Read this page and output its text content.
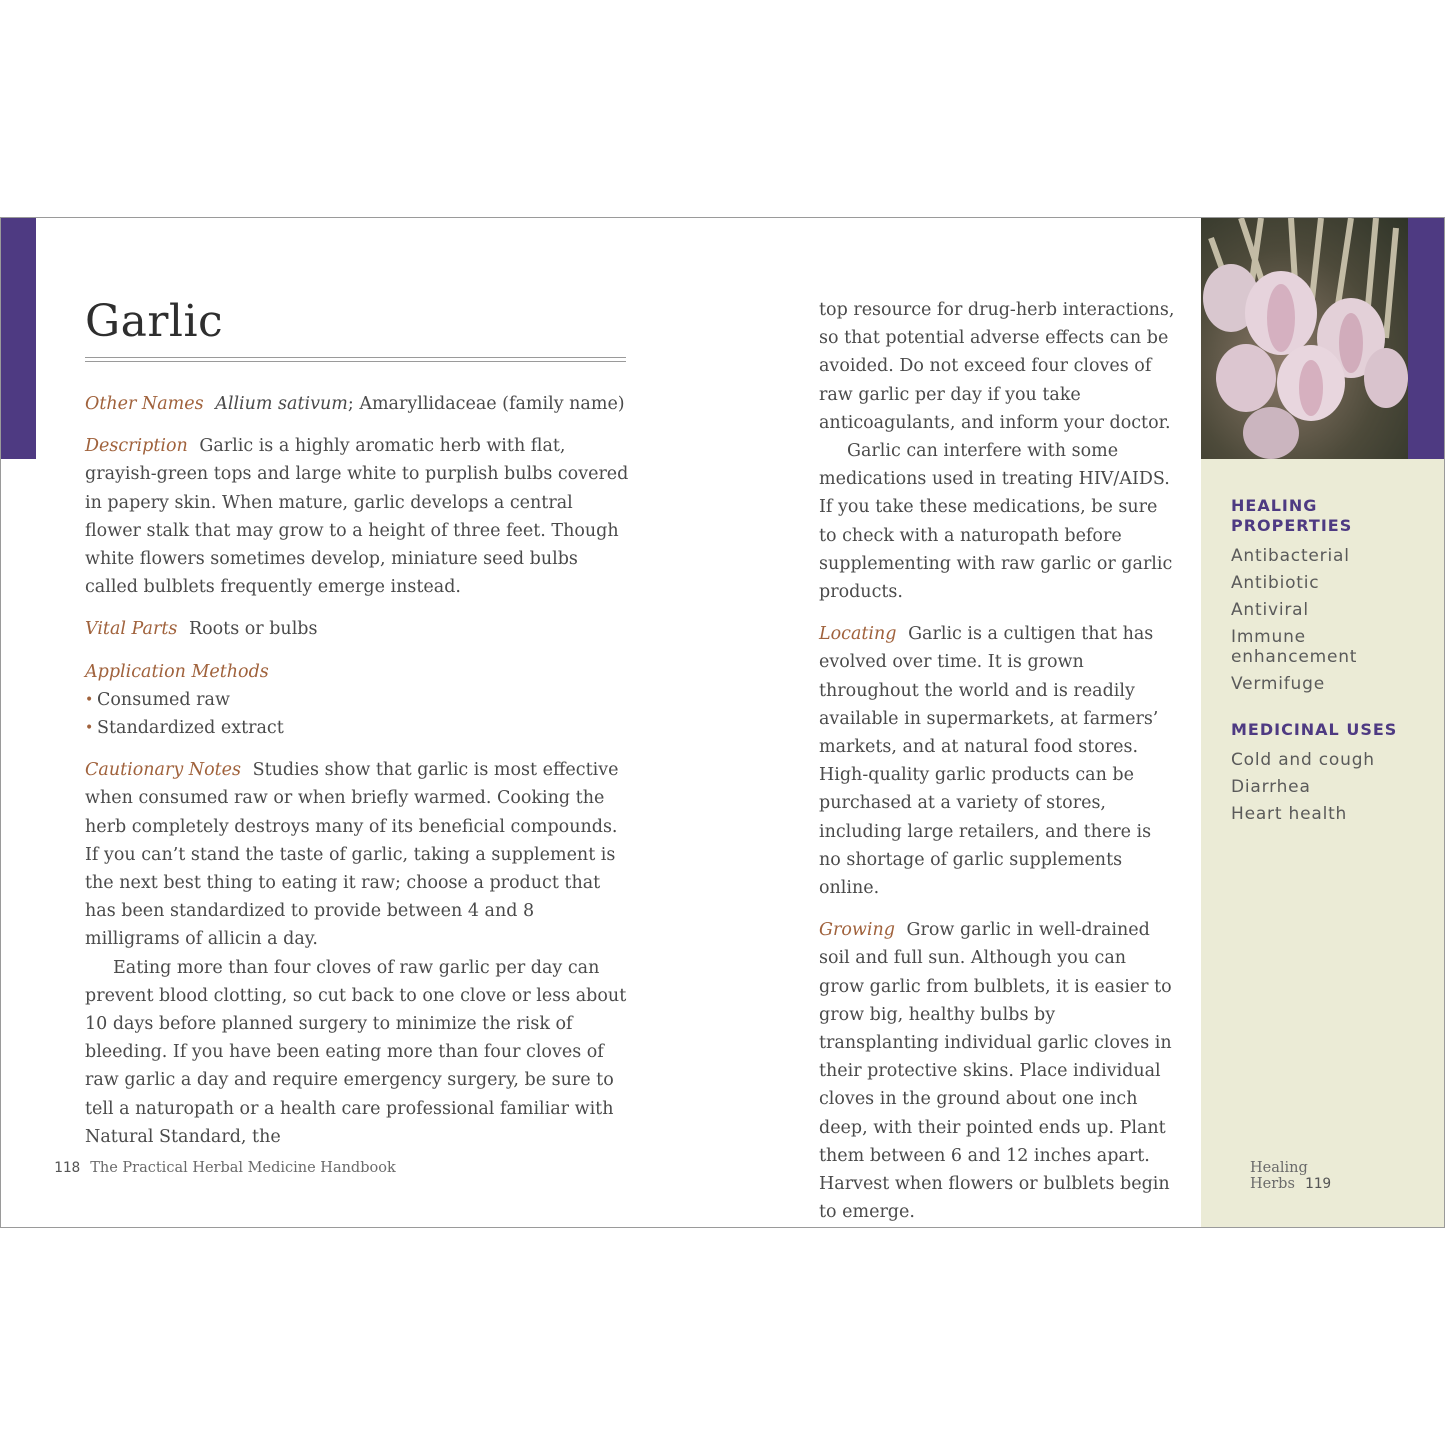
Garlic

Other Names Allium sativum; Amaryllidaceae (family name)

Description Garlic is a highly aromatic herb with flat, grayish-green tops and large white to purplish bulbs covered in papery skin. When mature, garlic develops a central flower stalk that may grow to a height of three feet. Though white flowers sometimes develop, miniature seed bulbs called bulblets frequently emerge instead.

Vital Parts Roots or bulbs

Application Methods
• Consumed raw
• Standardized extract

Cautionary Notes Studies show that garlic is most effective when consumed raw or when briefly warmed. Cooking the herb completely destroys many of its beneficial compounds. If you can’t stand the taste of garlic, taking a supplement is the next best thing to eating it raw; choose a product that has been standardized to provide between 4 and 8 milligrams of allicin a day.

Eating more than four cloves of raw garlic per day can prevent blood clotting, so cut back to one clove or less about 10 days before planned surgery to minimize the risk of bleeding. If you have been eating more than four cloves of raw garlic a day and require emergency surgery, be sure to tell a naturopath or a health care professional familiar with Natural Standard, the

top resource for drug-herb interactions, so that potential adverse effects can be avoided. Do not exceed four cloves of raw garlic per day if you take anticoagulants, and inform your doctor.

Garlic can interfere with some medications used in treating HIV/AIDS. If you take these medications, be sure to check with a naturopath before supplementing with raw garlic or garlic products.

Locating Garlic is a cultigen that has evolved over time. It is grown throughout the world and is readily available in supermarkets, at farmers’ markets, and at natural food stores. High-quality garlic products can be purchased at a variety of stores, including large retailers, and there is no shortage of garlic supplements online.

Growing Grow garlic in well-drained soil and full sun. Although you can grow garlic from bulblets, it is easier to grow big, healthy bulbs by transplanting individual garlic cloves in their protective skins. Place individual cloves in the ground about one inch deep, with their pointed ends up. Plant them between 6 and 12 inches apart. Harvest when flowers or bulblets begin to emerge.

HEALING
PROPERTIES
Antibacterial
Antibiotic
Antiviral
Immune enhancement
Vermifuge
MEDICINAL USES
Cold and cough
Diarrhea
Heart health
118 The Practical Herbal Medicine Handbook	Healing Herbs 119
